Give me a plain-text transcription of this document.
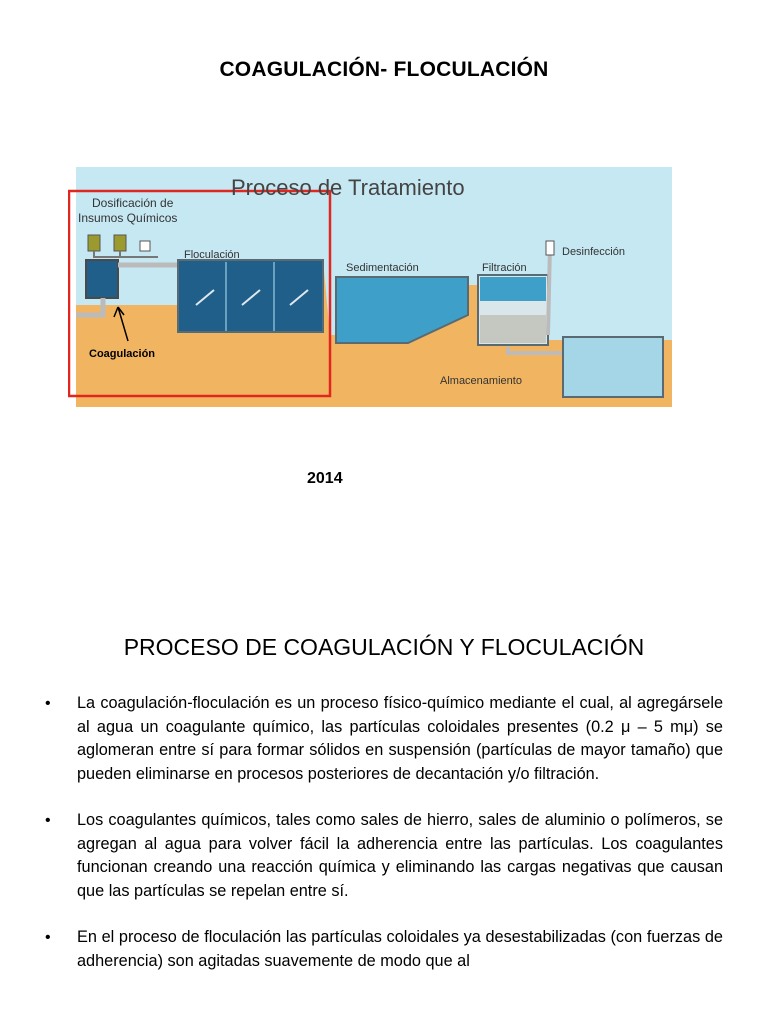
COAGULACIÓN- FLOCULACIÓN
Proceso de Tratamiento
Dosificación de
Insumos Químicos
Floculación
Sedimentación	Filtración
Desinfección
Almacenamiento
Coagulación
2014
PROCESO DE COAGULACIÓN Y FLOCULACIÓN
• La coagulación-floculación es un proceso físico-químico mediante el cual, al agregársele al agua un coagulante químico, las partículas coloidales presentes (0.2 μ – 5 mμ) se aglomeran entre sí para formar sólidos en suspensión (partículas de mayor tamaño) que pueden eliminarse en procesos posteriores de decantación y/o filtración.
• Los coagulantes químicos, tales como sales de hierro, sales de aluminio o polímeros, se agregan al agua para volver fácil la adherencia entre las partículas. Los coagulantes funcionan creando una reacción química y eliminando las cargas negativas que causan que las partículas se repelan entre sí.
• En el proceso de floculación las partículas coloidales ya desestabilizadas (con fuerzas de adherencia) son agitadas suavemente de modo que al
